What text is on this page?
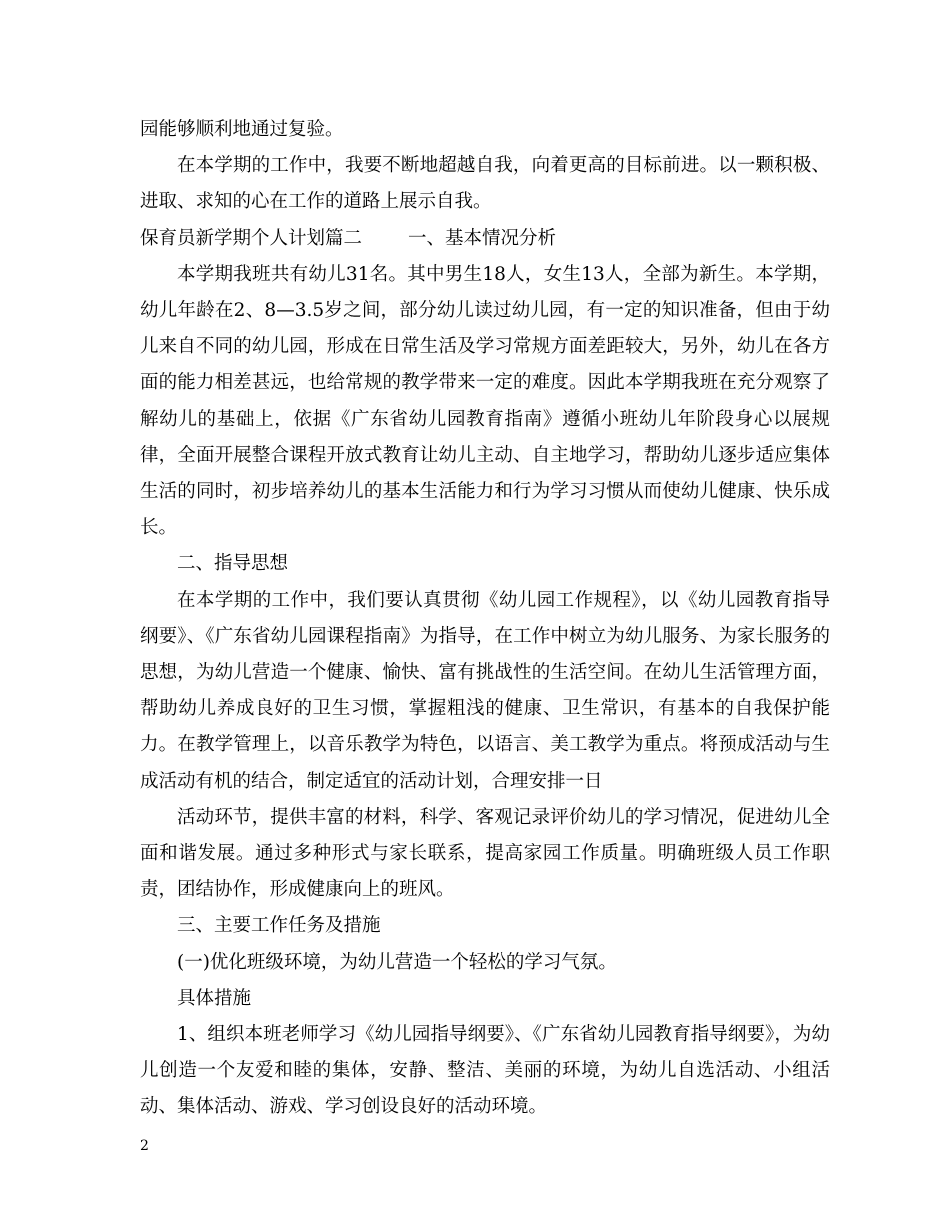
园能够顺利地通过复验。

在本学期的工作中，我要不断地超越自我，向着更高的目标前进。以一颗积极、进取、求知的心在工作的道路上展示自我。

保育员新学期个人计划篇二 一、基本情况分析

本学期我班共有幼儿31名。其中男生18人，女生13人，全部为新生。本学期，幼儿年龄在2、8—3.5岁之间，部分幼儿读过幼儿园，有一定的知识准备，但由于幼儿来自不同的幼儿园，形成在日常生活及学习常规方面差距较大，另外，幼儿在各方面的能力相差甚远，也给常规的教学带来一定的难度。因此本学期我班在充分观察了解幼儿的基础上，依据《广东省幼儿园教育指南》遵循小班幼儿年阶段身心以展规律，全面开展整合课程开放式教育让幼儿主动、自主地学习，帮助幼儿逐步适应集体生活的同时，初步培养幼儿的基本生活能力和行为学习习惯从而使幼儿健康、快乐成长。

二、指导思想

在本学期的工作中，我们要认真贯彻《幼儿园工作规程》，以《幼儿园教育指导纲要》、《广东省幼儿园课程指南》为指导，在工作中树立为幼儿服务、为家长服务的思想，为幼儿营造一个健康、愉快、富有挑战性的生活空间。在幼儿生活管理方面，帮助幼儿养成良好的卫生习惯，掌握粗浅的健康、卫生常识，有基本的自我保护能力。在教学管理上，以音乐教学为特色，以语言、美工教学为重点。将预成活动与生成活动有机的结合，制定适宜的活动计划，合理安排一日

活动环节，提供丰富的材料，科学、客观记录评价幼儿的学习情况，促进幼儿全面和谐发展。通过多种形式与家长联系，提高家园工作质量。明确班级人员工作职责，团结协作，形成健康向上的班风。

三、主要工作任务及措施

(一)优化班级环境，为幼儿营造一个轻松的学习气氛。

具体措施

1、组织本班老师学习《幼儿园指导纲要》、《广东省幼儿园教育指导纲要》，为幼儿创造一个友爱和睦的集体，安静、整洁、美丽的环境，为幼儿自选活动、小组活动、集体活动、游戏、学习创设良好的活动环境。

2
